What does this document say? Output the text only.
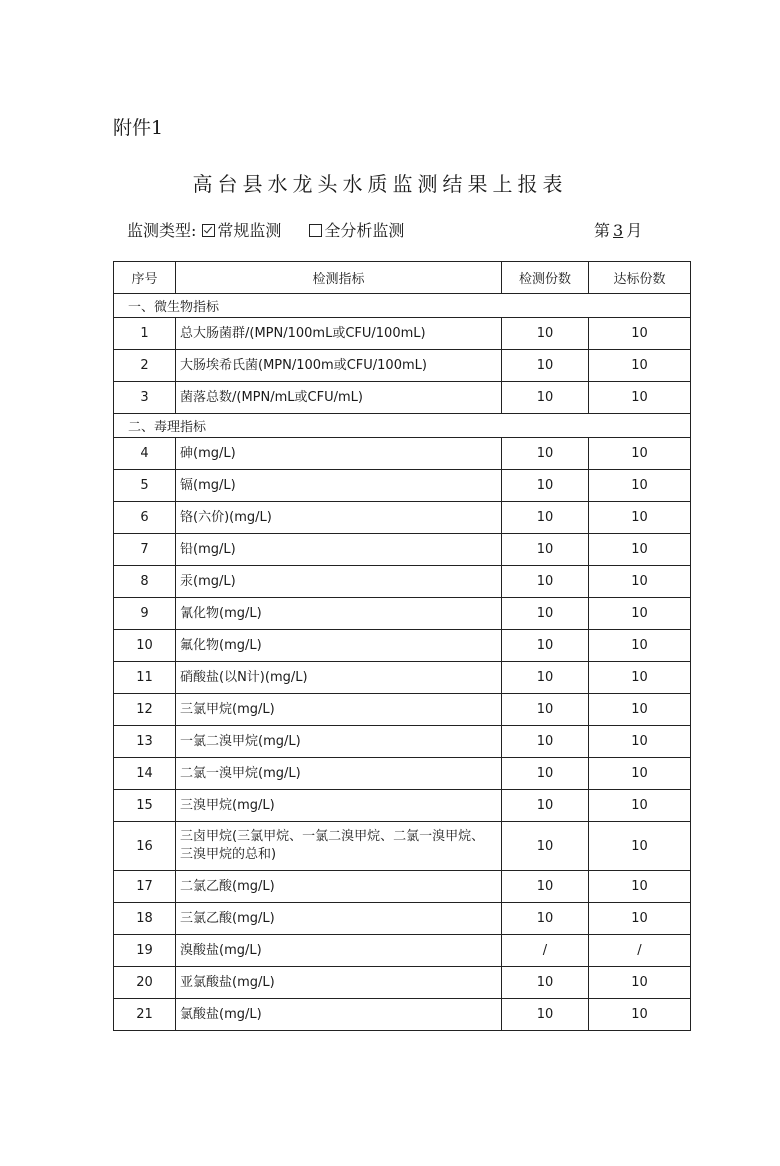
附件1
高台县水龙头水质监测结果上报表
监测类型: 常规监测	全分析监测	第 3 月
序号	检测指标	检测份数	达标份数
一、微生物指标			
1	总大肠菌群/(MPN/100mL或CFU/100mL)	10	10
2	大肠埃希氏菌(MPN/100m或CFU/100mL)	10	10
3	菌落总数/(MPN/mL或CFU/mL)	10	10
二、毒理指标			
4	砷(mg/L)	10	10
5	镉(mg/L)	10	10
6	铬(六价)(mg/L)	10	10
7	铅(mg/L)	10	10
8	汞(mg/L)	10	10
9	氰化物(mg/L)	10	10
10	氟化物(mg/L)	10	10
11	硝酸盐(以N计)(mg/L)	10	10
12	三氯甲烷(mg/L)	10	10
13	一氯二溴甲烷(mg/L)	10	10
14	二氯一溴甲烷(mg/L)	10	10
15	三溴甲烷(mg/L)	10	10
16	三卤甲烷(三氯甲烷、一氯二溴甲烷、二氯一溴甲烷、三溴甲烷的总和)	10	10
17	二氯乙酸(mg/L)	10	10
18	三氯乙酸(mg/L)	10	10
19	溴酸盐(mg/L)	/	/
20	亚氯酸盐(mg/L)	10	10
21	氯酸盐(mg/L)	10	10
